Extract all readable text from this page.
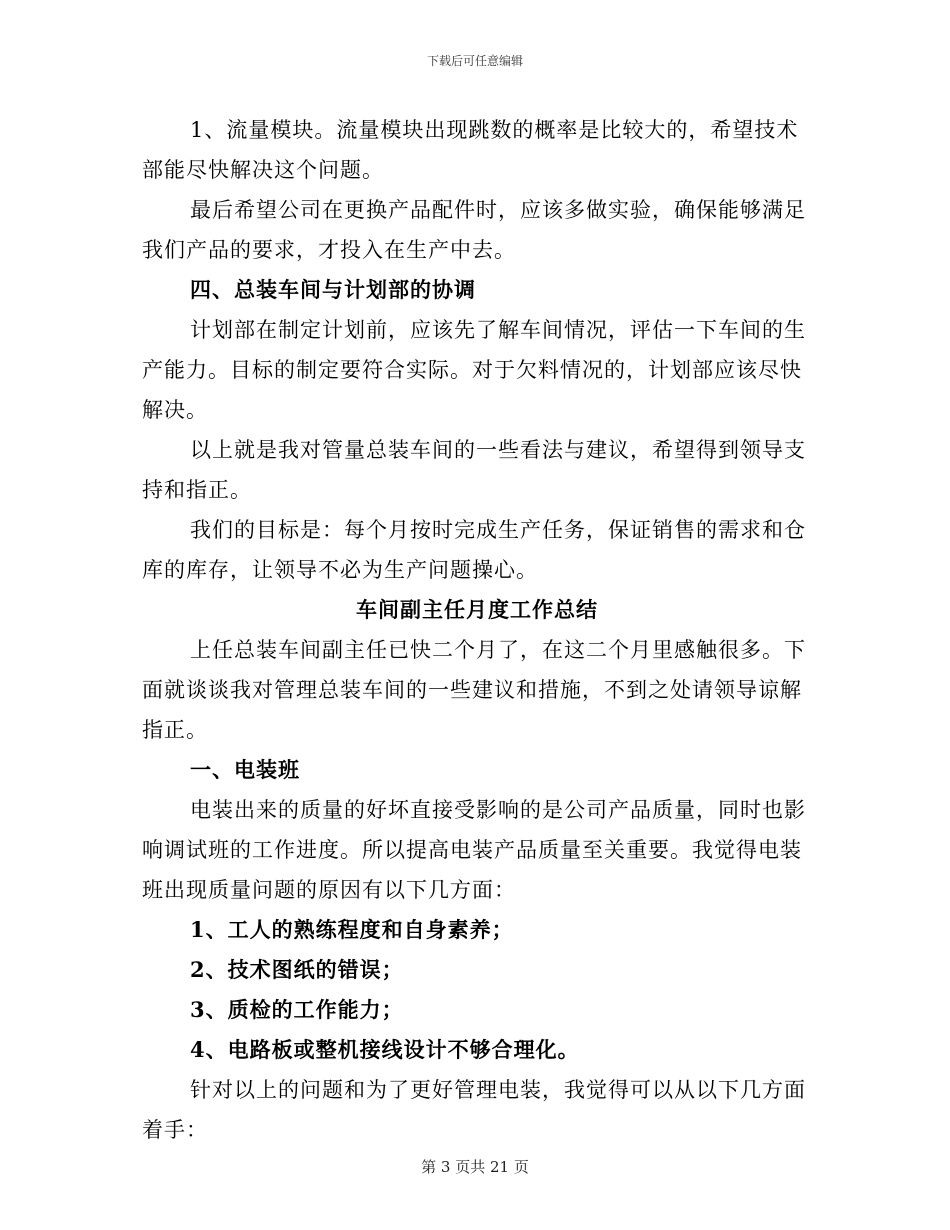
下载后可任意编辑

1、流量模块。流量模块出现跳数的概率是比较大的，希望技术部能尽快解决这个问题。

最后希望公司在更换产品配件时，应该多做实验，确保能够满足我们产品的要求，才投入在生产中去。

四、总装车间与计划部的协调

计划部在制定计划前，应该先了解车间情况，评估一下车间的生产能力。目标的制定要符合实际。对于欠料情况的，计划部应该尽快解决。

以上就是我对管量总装车间的一些看法与建议，希望得到领导支持和指正。

我们的目标是：每个月按时完成生产任务，保证销售的需求和仓库的库存，让领导不必为生产问题操心。

车间副主任月度工作总结

上任总装车间副主任已快二个月了，在这二个月里感触很多。下面就谈谈我对管理总装车间的一些建议和措施，不到之处请领导谅解指正。

一、电装班

电装出来的质量的好坏直接受影响的是公司产品质量，同时也影响调试班的工作进度。所以提高电装产品质量至关重要。我觉得电装班出现质量问题的原因有以下几方面：

1、工人的熟练程度和自身素养；

2、技术图纸的错误；

3、质检的工作能力；

4、电路板或整机接线设计不够合理化。

针对以上的问题和为了更好管理电装，我觉得可以从以下几方面着手：

第 3 页共 21 页
